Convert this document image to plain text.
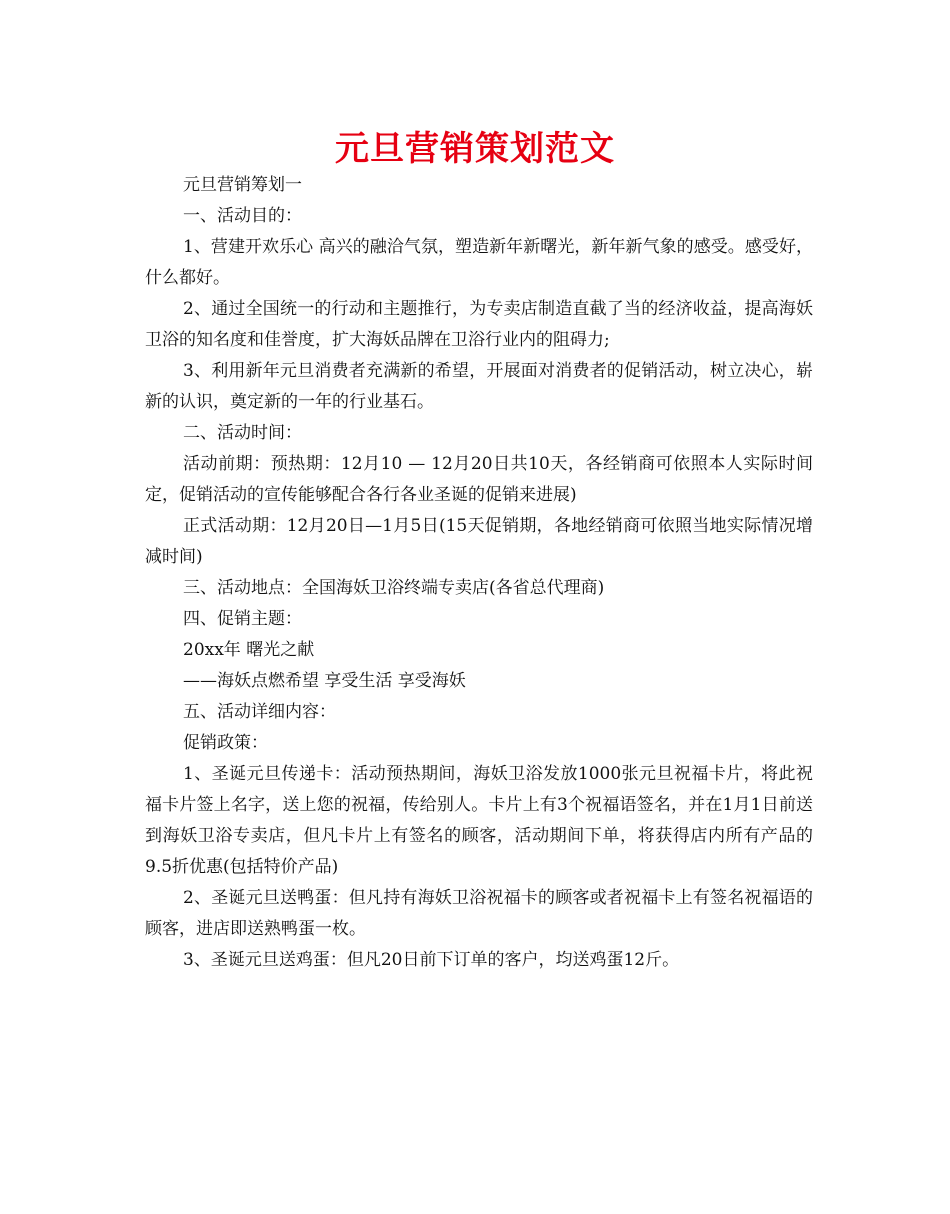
元旦营销策划范文

元旦营销筹划一

一、活动目的：

1、营建开欢乐心 高兴的融洽气氛，塑造新年新曙光，新年新气象的感受。感受好，什么都好。

2、通过全国统一的行动和主题推行，为专卖店制造直截了当的经济收益，提高海妖卫浴的知名度和佳誉度，扩大海妖品牌在卫浴行业内的阻碍力;

3、利用新年元旦消费者充满新的希望，开展面对消费者的促销活动，树立决心，崭新的认识，奠定新的一年的行业基石。

二、活动时间：

活动前期：预热期：12月10 — 12月20日共10天，各经销商可依照本人实际时间定，促销活动的宣传能够配合各行各业圣诞的促销来进展)

正式活动期：12月20日—1月5日(15天促销期，各地经销商可依照当地实际情况增减时间)

三、活动地点：全国海妖卫浴终端专卖店(各省总代理商)

四、促销主题：

20xx年 曙光之献

——海妖点燃希望 享受生活 享受海妖

五、活动详细内容：

促销政策：

1、圣诞元旦传递卡：活动预热期间，海妖卫浴发放1000张元旦祝福卡片，将此祝福卡片签上名字，送上您的祝福，传给别人。卡片上有3个祝福语签名，并在1月1日前送到海妖卫浴专卖店，但凡卡片上有签名的顾客，活动期间下单，将获得店内所有产品的9.5折优惠(包括特价产品)

2、圣诞元旦送鸭蛋：但凡持有海妖卫浴祝福卡的顾客或者祝福卡上有签名祝福语的顾客，进店即送熟鸭蛋一枚。

3、圣诞元旦送鸡蛋：但凡20日前下订单的客户，均送鸡蛋12斤。
